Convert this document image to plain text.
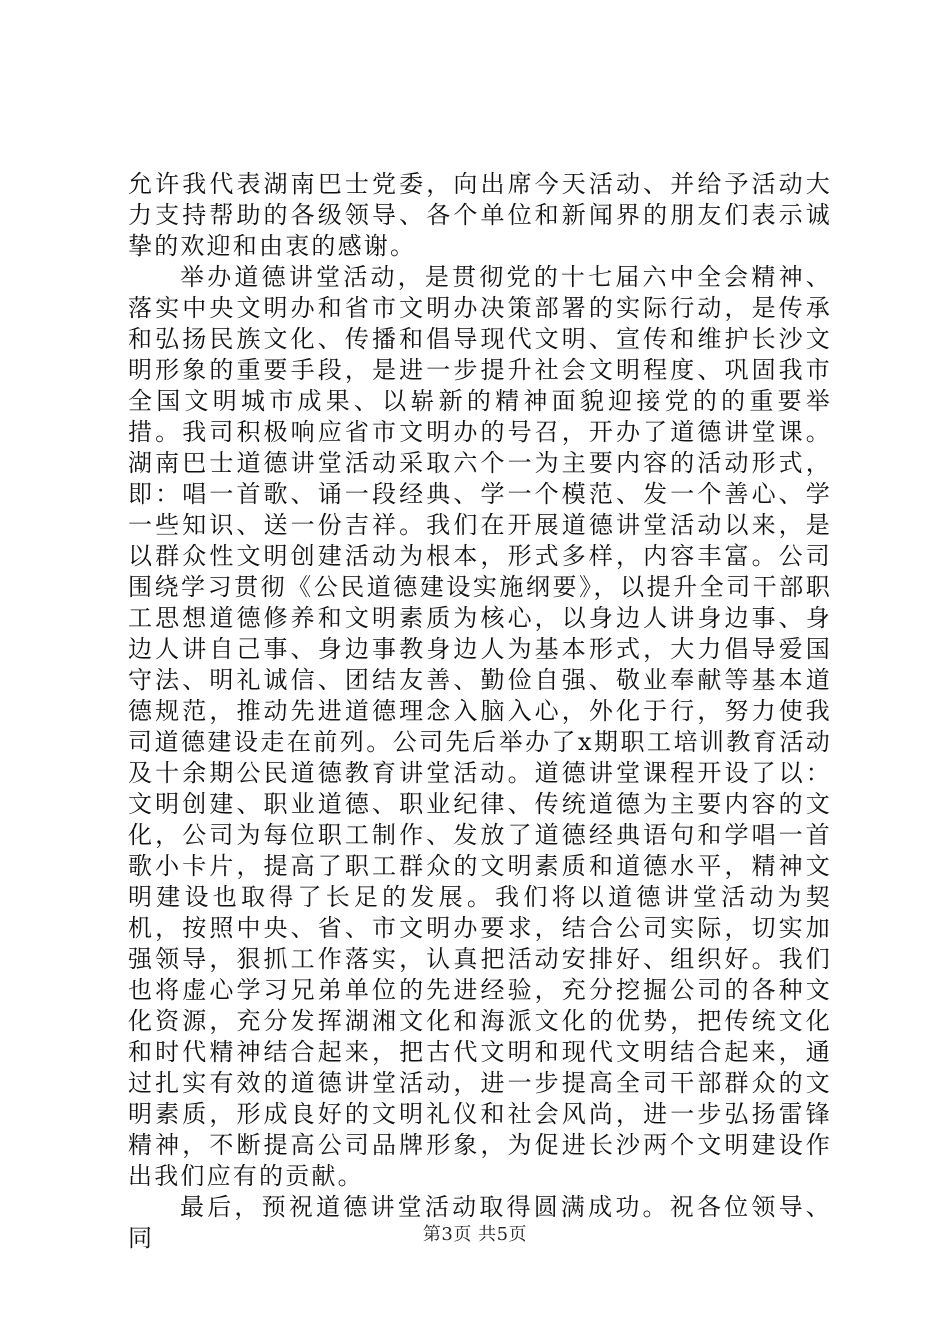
允许我代表湖南巴士党委，向出席今天活动、并给予活动大力支持帮助的各级领导、各个单位和新闻界的朋友们表示诚挚的欢迎和由衷的感谢。

举办道德讲堂活动，是贯彻党的十七届六中全会精神、落实中央文明办和省市文明办决策部署的实际行动，是传承和弘扬民族文化、传播和倡导现代文明、宣传和维护长沙文明形象的重要手段，是进一步提升社会文明程度、巩固我市全国文明城市成果、以崭新的精神面貌迎接党的的重要举措。我司积极响应省市文明办的号召，开办了道德讲堂课。湖南巴士道德讲堂活动采取六个一为主要内容的活动形式，即：唱一首歌、诵一段经典、学一个模范、发一个善心、学一些知识、送一份吉祥。我们在开展道德讲堂活动以来，是以群众性文明创建活动为根本，形式多样，内容丰富。公司围绕学习贯彻《公民道德建设实施纲要》，以提升全司干部职工思想道德修养和文明素质为核心，以身边人讲身边事、身边人讲自己事、身边事教身边人为基本形式，大力倡导爱国守法、明礼诚信、团结友善、勤俭自强、敬业奉献等基本道德规范，推动先进道德理念入脑入心，外化于行，努力使我司道德建设走在前列。公司先后举办了x期职工培训教育活动及十余期公民道德教育讲堂活动。道德讲堂课程开设了以：文明创建、职业道德、职业纪律、传统道德为主要内容的文化，公司为每位职工制作、发放了道德经典语句和学唱一首歌小卡片，提高了职工群众的文明素质和道德水平，精神文明建设也取得了长足的发展。我们将以道德讲堂活动为契机，按照中央、省、市文明办要求，结合公司实际，切实加强领导，狠抓工作落实，认真把活动安排好、组织好。我们也将虚心学习兄弟单位的先进经验，充分挖掘公司的各种文化资源，充分发挥湖湘文化和海派文化的优势，把传统文化和时代精神结合起来，把古代文明和现代文明结合起来，通过扎实有效的道德讲堂活动，进一步提高全司干部群众的文明素质，形成良好的文明礼仪和社会风尚，进一步弘扬雷锋精神，不断提高公司品牌形象，为促进长沙两个文明建设作出我们应有的贡献。

最后，预祝道德讲堂活动取得圆满成功。祝各位领导、同	第3页 共5页
